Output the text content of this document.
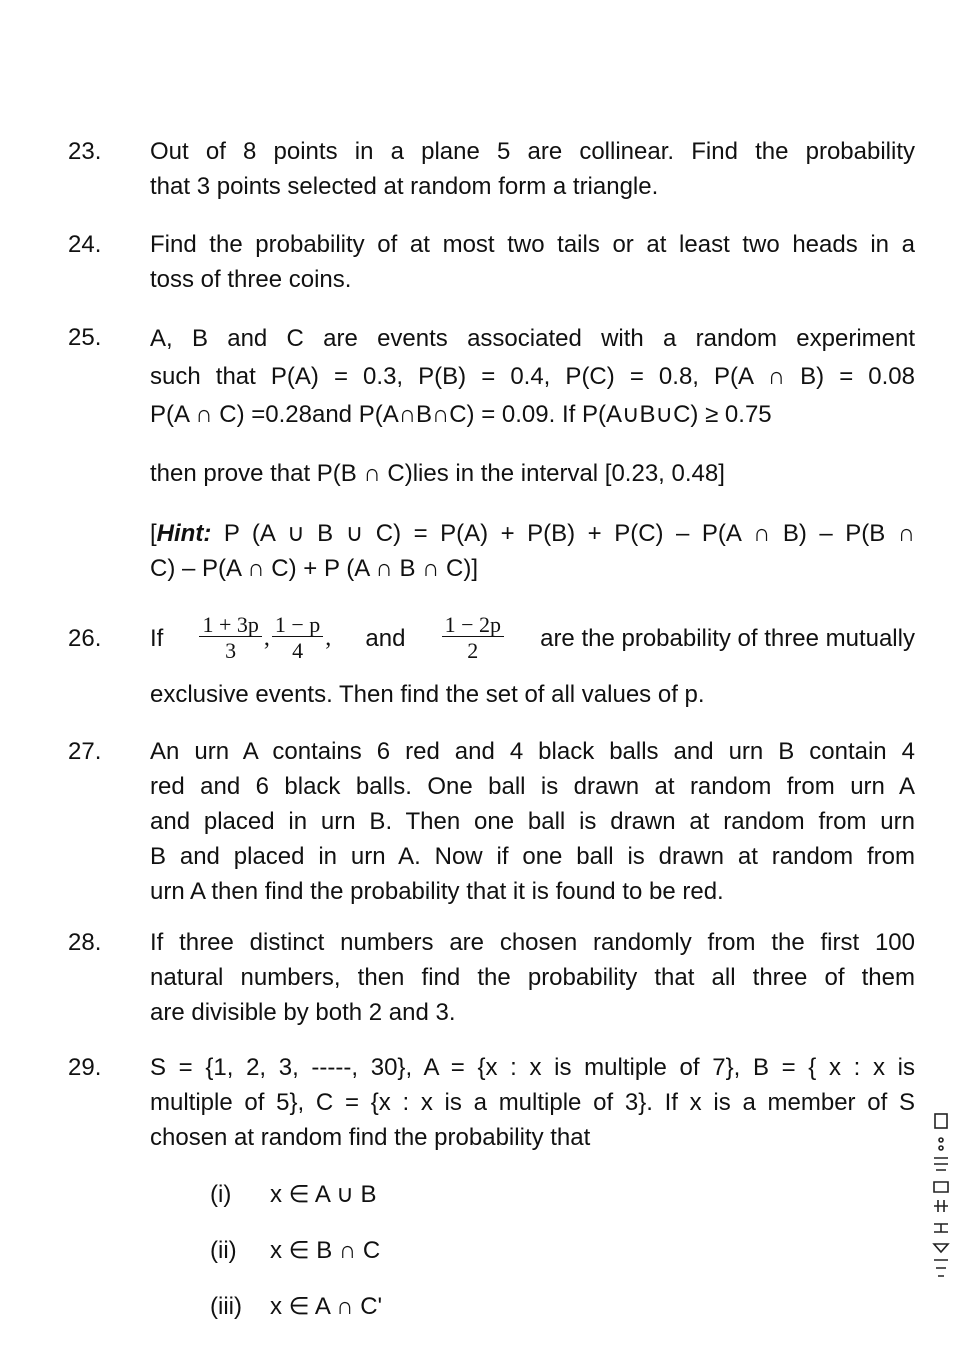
23. Out of 8 points in a plane 5 are collinear. Find the probability
that 3 points selected at random form a triangle.
24. Find the probability of at most two tails or at least two heads in a
toss of three coins.
25. A, B and C are events associated with a random experiment
such that P(A) = 0.3, P(B) = 0.4, P(C) = 0.8, P(A ∩ B) = 0.08
P(A ∩ C) =0.28and P(A∩B∩C) = 0.09. If P(A∪B∪C) ≥ 0.75
then prove that P(B ∩ C)lies in the interval [0.23, 0.48]
[Hint: P (A ∪ B ∪ C) = P(A) + P(B) + P(C) – P(A ∩ B) – P(B ∩
C) – P(A ∩ C) + P (A ∩ B ∩ C)]
26. If $\frac{1 + 3p}{3}$ , $\frac{1 - p}{4}$ , and $\frac{1 - 2p}{2}$ are the probability of three mutually
exclusive events. Then find the set of all values of p.
27. An urn A contains 6 red and 4 black balls and urn B contain 4
red and 6 black balls. One ball is drawn at random from urn A
and placed in urn B. Then one ball is drawn at random from urn
B and placed in urn A. Now if one ball is drawn at random from
urn A then find the probability that it is found to be red.
28. If three distinct numbers are chosen randomly from the first 100
natural numbers, then find the probability that all three of them
are divisible by both 2 and 3.
29. S = {1, 2, 3, -----, 30}, A = {x : x is multiple of 7}, B = { x : x is
multiple of 5}, C = {x : x is a multiple of 3}. If x is a member of S
chosen at random find the probability that
(i) x ∈ A ∪ B
(ii) x ∈ B ∩ C
(iii) x ∈ A ∩ C'
